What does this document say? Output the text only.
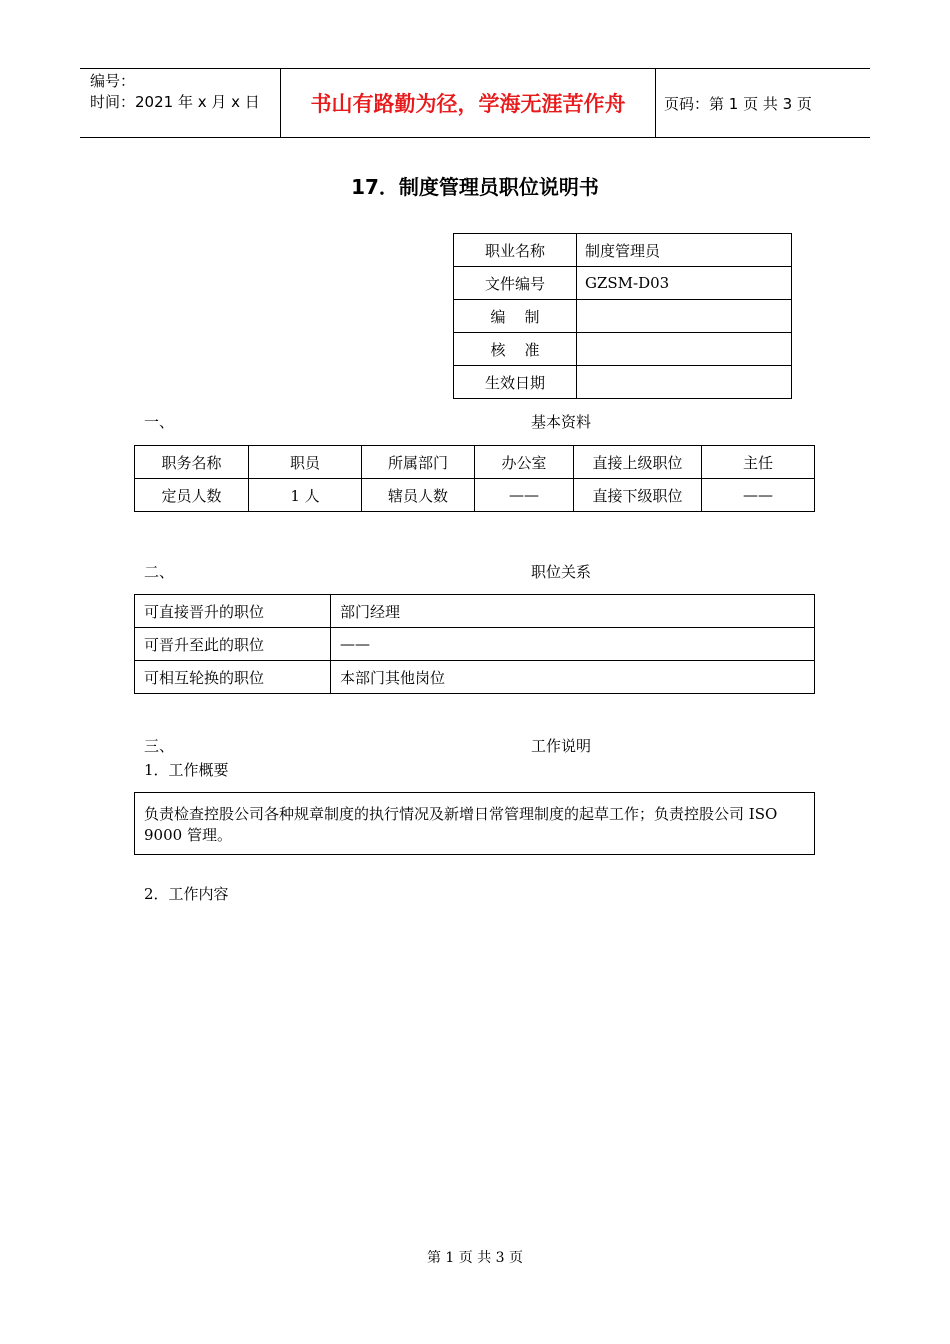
编号：
时间：2021 年 x 月 x 日	书山有路勤为径，学海无涯苦作舟	页码：第 1 页 共 3 页
17．制度管理员职位说明书
职业名称	制度管理员
文件编号	GZSM-D03
编    制	
核    准	
生效日期	
一、	基本资料
职务名称	职员	所属部门	办公室	直接上级职位	主任
定员人数	1 人	辖员人数	——	直接下级职位	——
二、	职位关系
可直接晋升的职位	部门经理
可晋升至此的职位	——
可相互轮换的职位	本部门其他岗位
三、	工作说明
1．工作概要
负责检查控股公司各种规章制度的执行情况及新增日常管理制度的起草工作；负责控股公司 ISO 9000 管理。
2．工作内容
第 1 页 共 3 页
